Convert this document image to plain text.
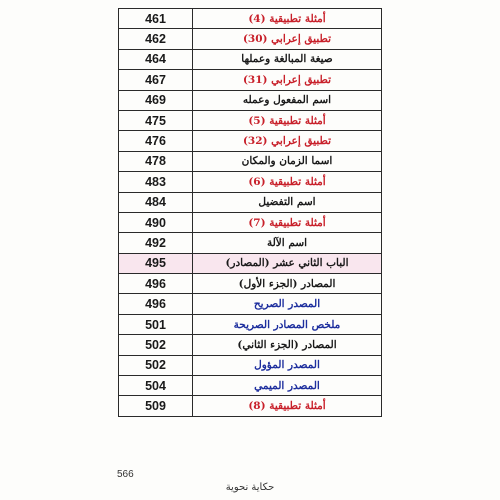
461	أمثلة تطبيقية (4)
462	تطبيق إعرابي (30)
464	صيغة المبالغة وعملها
467	تطبيق إعرابي (31)
469	اسم المفعول وعمله
475	أمثلة تطبيقية (5)
476	تطبيق إعرابي (32)
478	اسما الزمان والمكان
483	أمثلة تطبيقية (6)
484	اسم التفضيل
490	أمثلة تطبيقية (7)
492	اسم الآلة
495	الباب الثاني عشر (المصادر)
496	المصادر (الجزء الأول)
496	المصدر الصريح
501	ملخص المصادر الصريحة
502	المصادر (الجزء الثاني)
502	المصدر المؤول
504	المصدر الميمي
509	أمثلة تطبيقية (8)
566
حكاية نحوية
